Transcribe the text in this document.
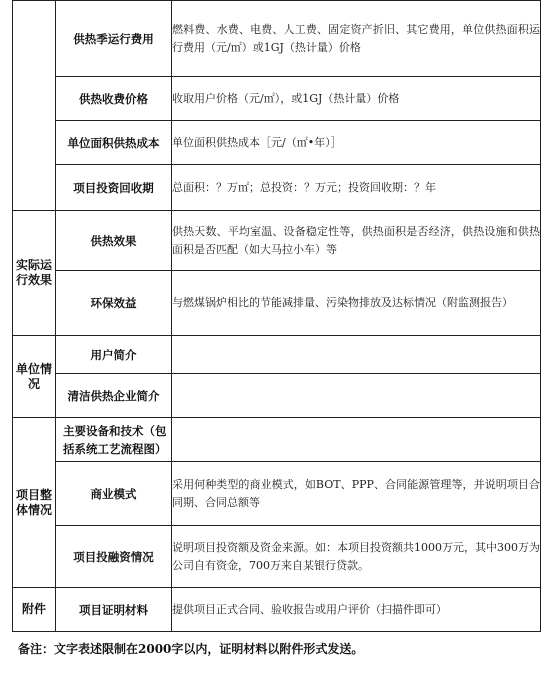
	供热季运行费用	燃料费、水费、电费、人工费、固定资产折旧、其它费用，单位供热面积运行费用（元/㎡）或1GJ（热计量）价格
	供热收费价格	收取用户价格（元/㎡），或1GJ（热计量）价格
	单位面积供热成本	单位面积供热成本［元/（㎡•年）］
	项目投资回收期	总面积：？万㎡；总投资：？万元；投资回收期：？年
实际运行效果	供热效果	供热天数、平均室温、设备稳定性等，供热面积是否经济，供热设施和供热面积是否匹配（如大马拉小车）等
	环保效益	与燃煤锅炉相比的节能减排量、污染物排放及达标情况（附监测报告）
单位情况	用户简介	
	清洁供热企业简介	
项目整体情况	主要设备和技术（包括系统工艺流程图）	
	商业模式	采用何种类型的商业模式，如BOT、PPP、合同能源管理等，并说明项目合同期、合同总额等
	项目投融资情况	说明项目投资额及资金来源。如：本项目投资额共1000万元，其中300万为公司自有资金，700万来自某银行贷款。
附件	项目证明材料	提供项目正式合同、验收报告或用户评价（扫描件即可）
备注：文字表述限制在2000字以内，证明材料以附件形式发送。
